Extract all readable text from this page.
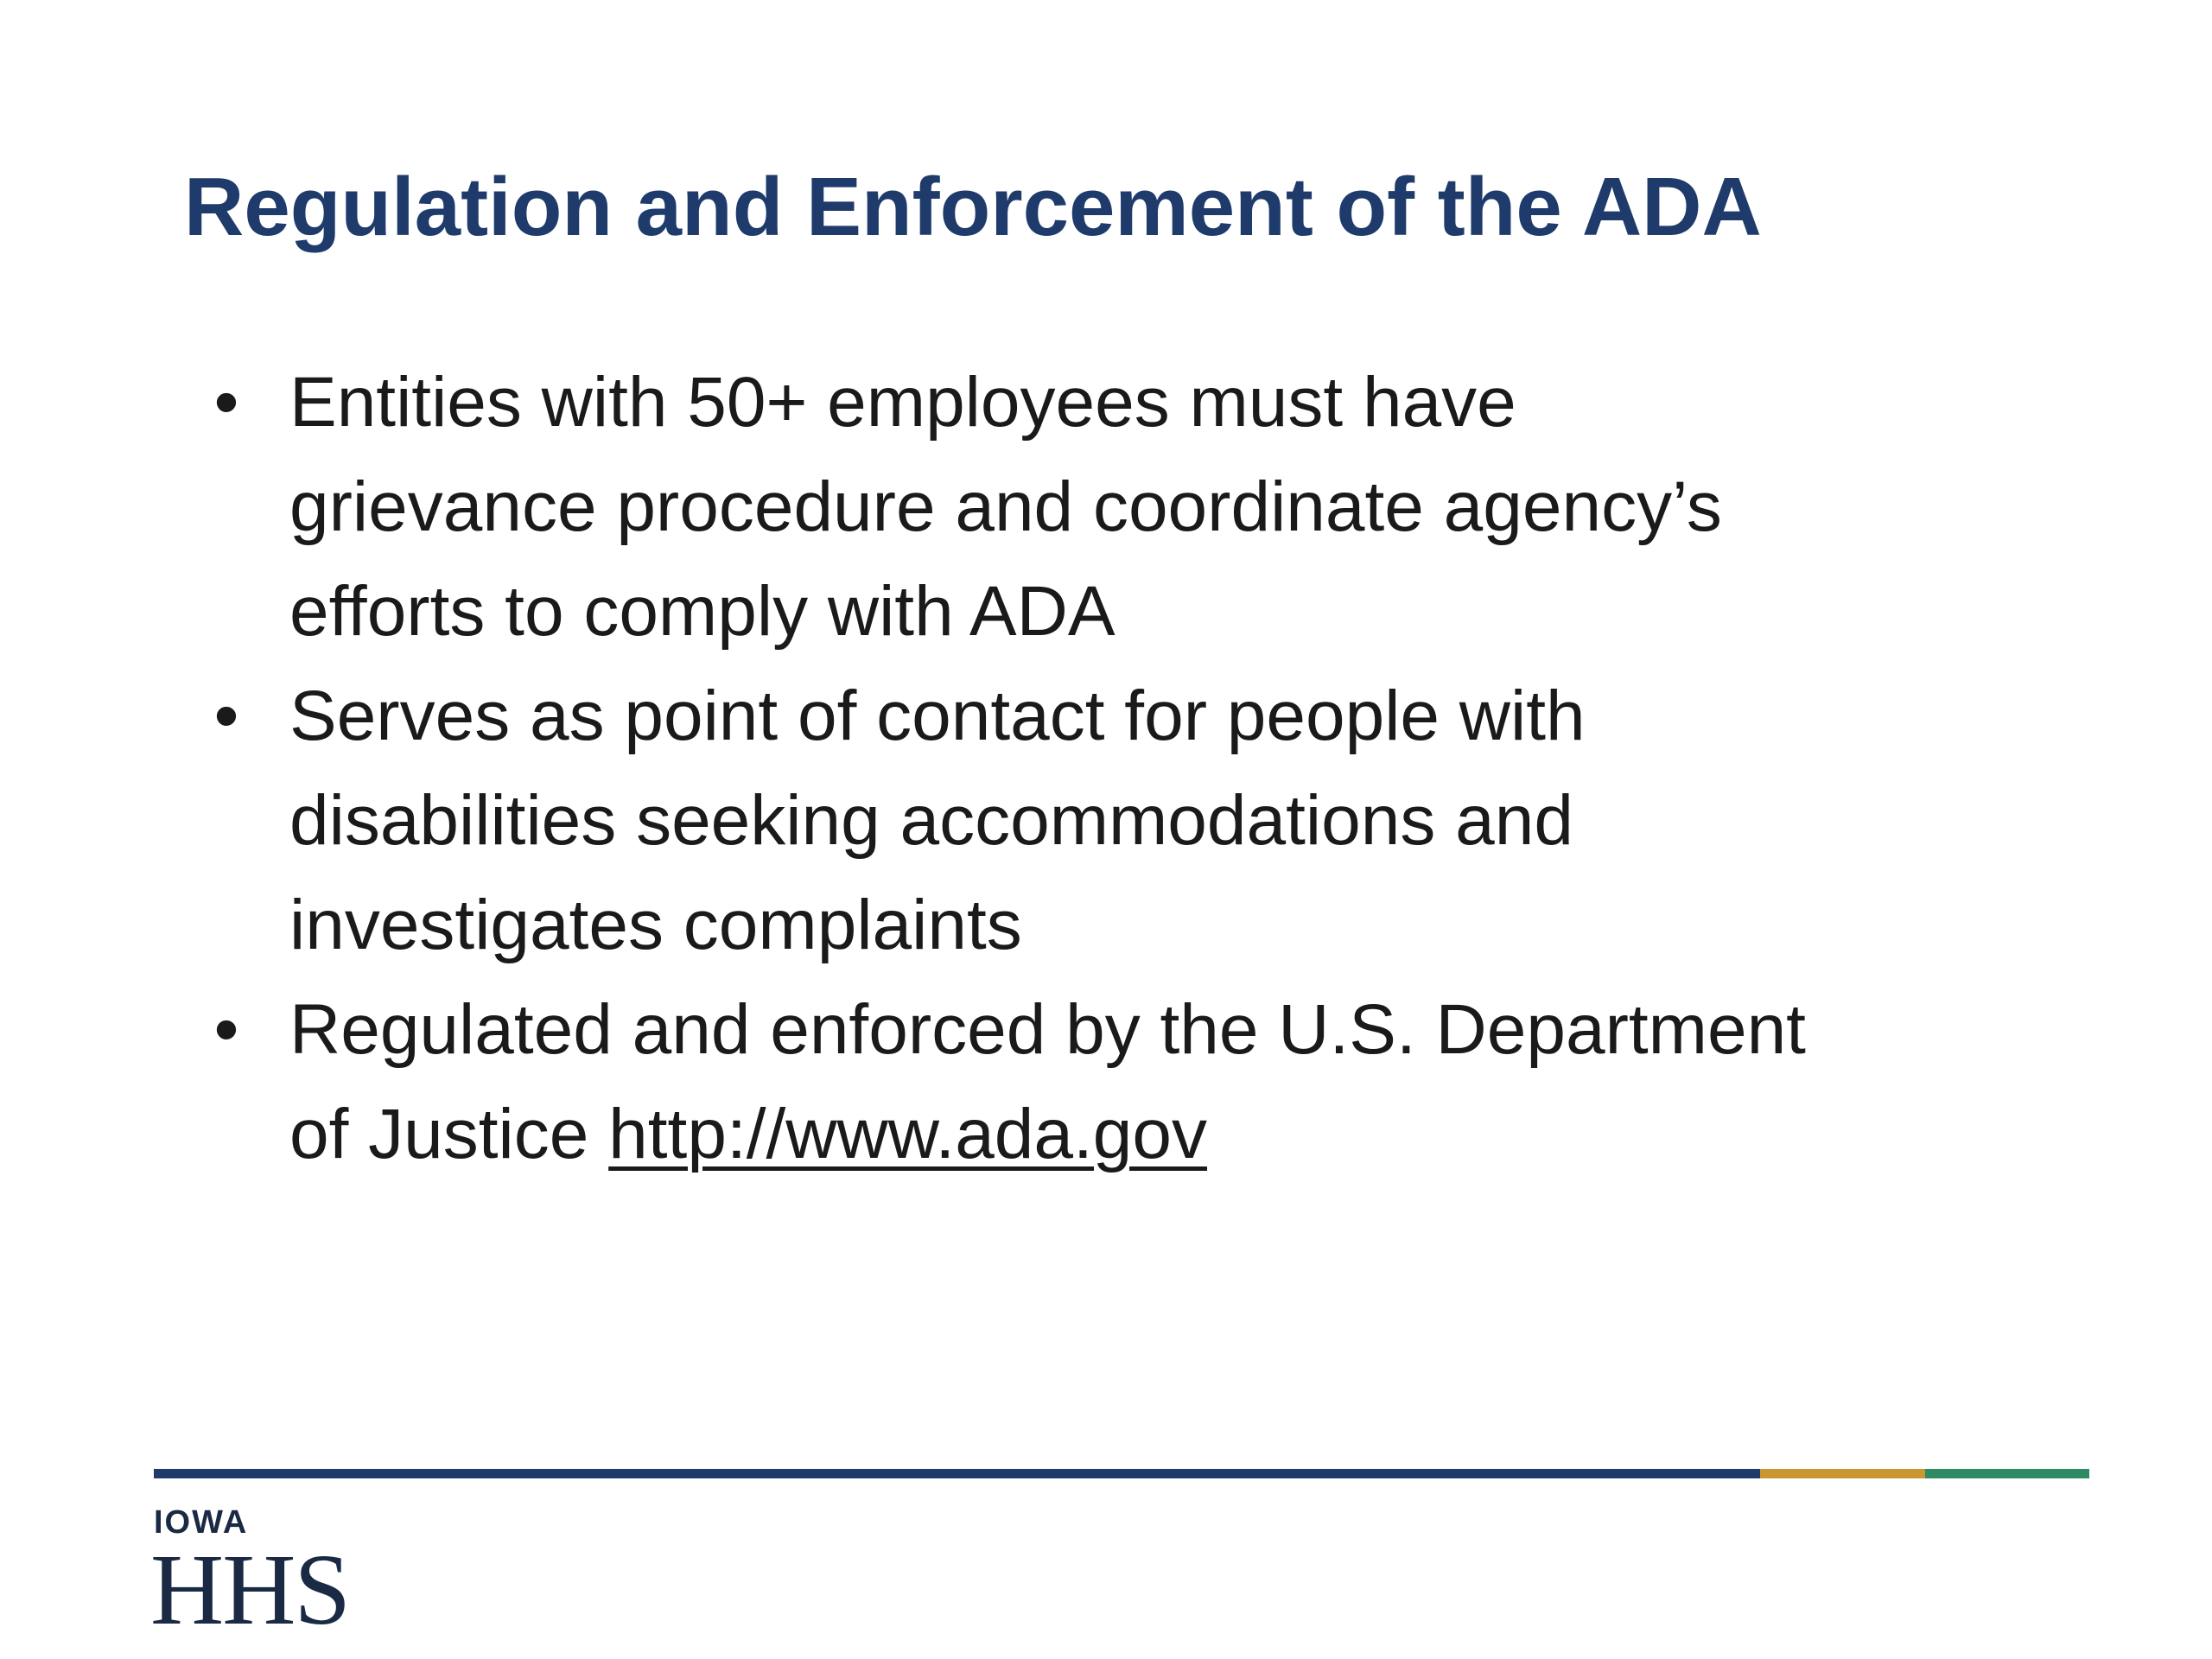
Regulation and Enforcement of the ADA
• Entities with 50+ employees must have
grievance procedure and coordinate agency’s
efforts to comply with ADA
• Serves as point of contact for people with
disabilities seeking accommodations and
investigates complaints
• Regulated and enforced by the U.S. Department
of Justice http://www.ada.gov
IOWA
HHS
